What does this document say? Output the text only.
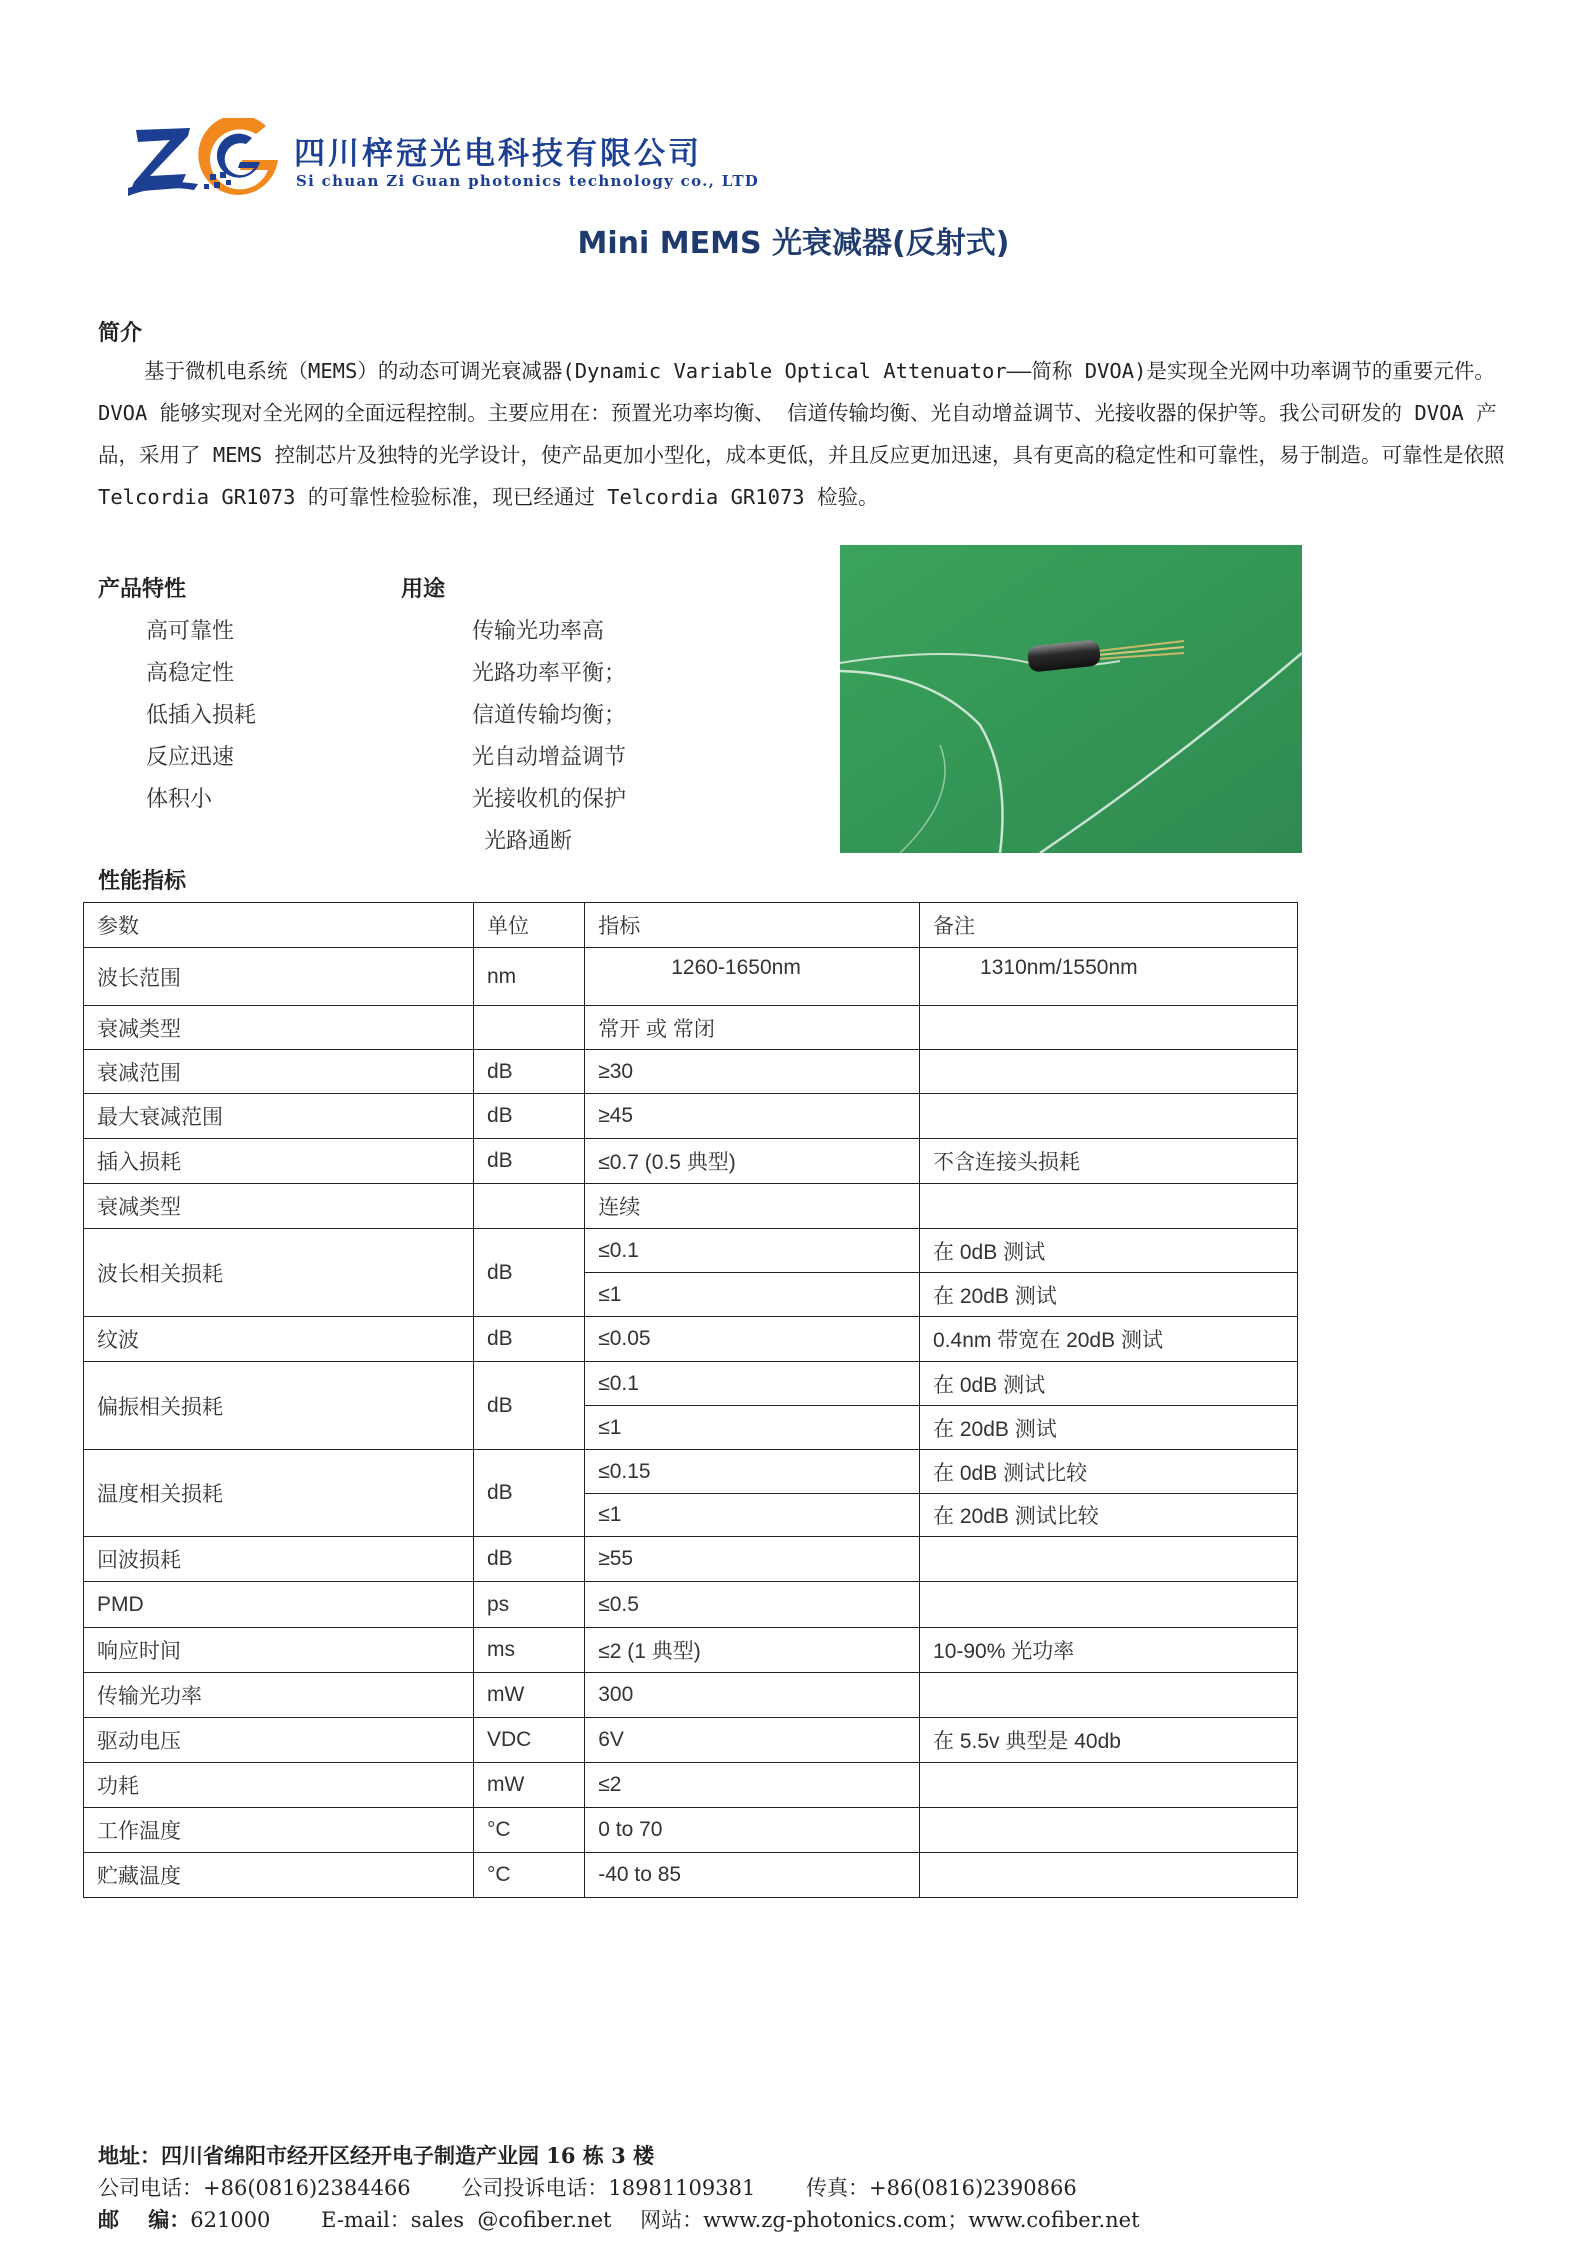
四川梓冠光电科技有限公司
Si chuan Zi Guan photonics technology co., LTD
Mini MEMS 光衰减器(反射式)
简介
基于微机电系统（MEMS）的动态可调光衰减器(Dynamic Variable Optical Attenuator——简称 DVOA)是实现全光网中功率调节的重要元件。 DVOA 能够实现对全光网的全面远程控制。主要应用在：预置光功率均衡、 信道传输均衡、光自动增益调节、光接收器的保护等。我公司研发的 DVOA 产品，采用了 MEMS 控制芯片及独特的光学设计，使产品更加小型化，成本更低，并且反应更加迅速，具有更高的稳定性和可靠性，易于制造。可靠性是依照 Telcordia GR1073 的可靠性检验标准，现已经通过 Telcordia GR1073 检验。
产品特性
高可靠性
高稳定性
低插入损耗
反应迅速
体积小
用途
传输光功率高
光路功率平衡；
信道传输均衡；
光自动增益调节
光接收机的保护
光路通断
性能指标
参数	单位	指标	备注
波长范围	nm	1260-1650nm	1310nm/1550nm
衰减类型		常开 或 常闭	
衰减范围	dB	≥30	
最大衰减范围	dB	≥45	
插入损耗	dB	≤0.7 (0.5 典型)	不含连接头损耗
衰减类型		连续	
波长相关损耗	dB	≤0.1	在 0dB 测试
		≤1	在 20dB 测试
纹波	dB	≤0.05	0.4nm 带宽在 20dB 测试
偏振相关损耗	dB	≤0.1	在 0dB 测试
		≤1	在 20dB 测试
温度相关损耗	dB	≤0.15	在 0dB 测试比较
		≤1	在 20dB 测试比较
回波损耗	dB	≥55	
PMD	ps	≤0.5	
响应时间	ms	≤2 (1 典型)	10-90% 光功率
传输光功率	mW	300	
驱动电压	VDC	6V	在 5.5v 典型是 40db
功耗	mW	≤2	
工作温度	°C	0 to 70	
贮藏温度	°C	-40 to 85	
地址：四川省绵阳市经开区经开电子制造产业园 16 栋 3 楼
公司电话：+86(0816)2384466 公司投诉电话：18981109381 传真：+86(0816)2390866
邮    编：621000 E-mail：sales  @cofiber.net 网站：www.zg-photonics.com；www.cofiber.net
